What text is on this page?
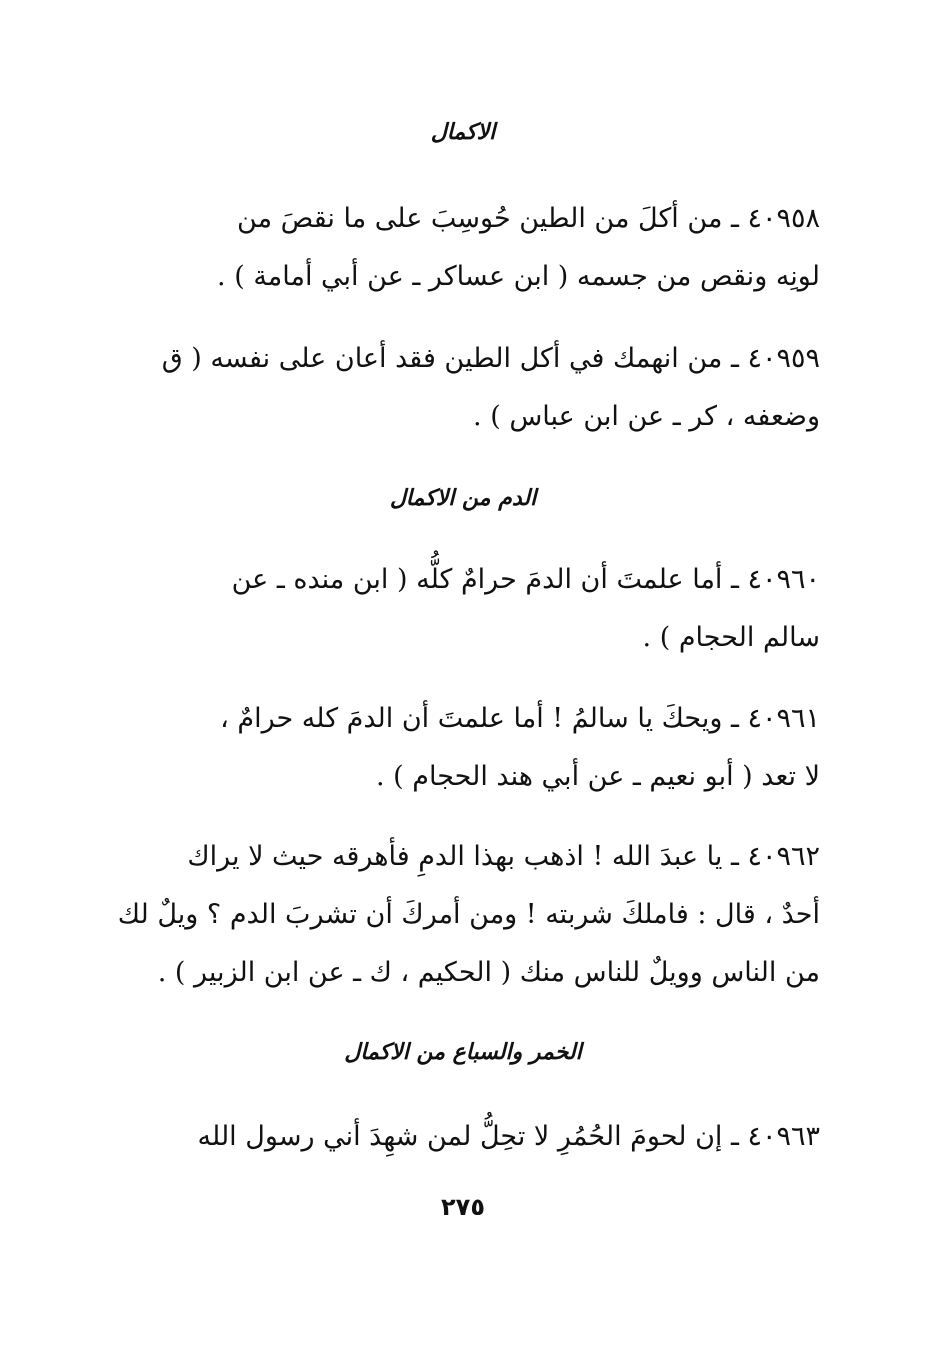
الاكمال
٤٠٩٥٨ ـ من أكلَ من الطين حُوسِبَ على ما نقصَ من
لونِه ونقص من جسمه ( ابن عساكر ـ عن أبي أمامة ) .
٤٠٩٥٩ ـ من انهمك في أكل الطين فقد أعان على نفسه ( ق
وضعفه ، كر ـ عن ابن عباس ) .
الدم من الاكمال
٤٠٩٦٠ ـ أما علمتَ أن الدمَ حرامٌ كلُّه ( ابن منده ـ عن
سالم الحجام ) .
٤٠٩٦١ ـ ويحكَ يا سالمُ ! أما علمتَ أن الدمَ كله حرامٌ ،
لا تعد ( أبو نعيم ـ عن أبي هند الحجام ) .
٤٠٩٦٢ ـ يا عبدَ الله ! اذهب بهذا الدمِ فأهرقه حيث لا يراك
أحدٌ ، قال : فاملكَ شربته ! ومن أمركَ أن تشربَ الدم ؟ ويلٌ لك
من الناس وويلٌ للناس منك ( الحكيم ، ك ـ عن ابن الزبير ) .
الخمر والسباع من الاكمال
٤٠٩٦٣ ـ إن لحومَ الحُمُرِ لا تحِلُّ لمن شهِدَ أني رسول الله
٢٧٥
